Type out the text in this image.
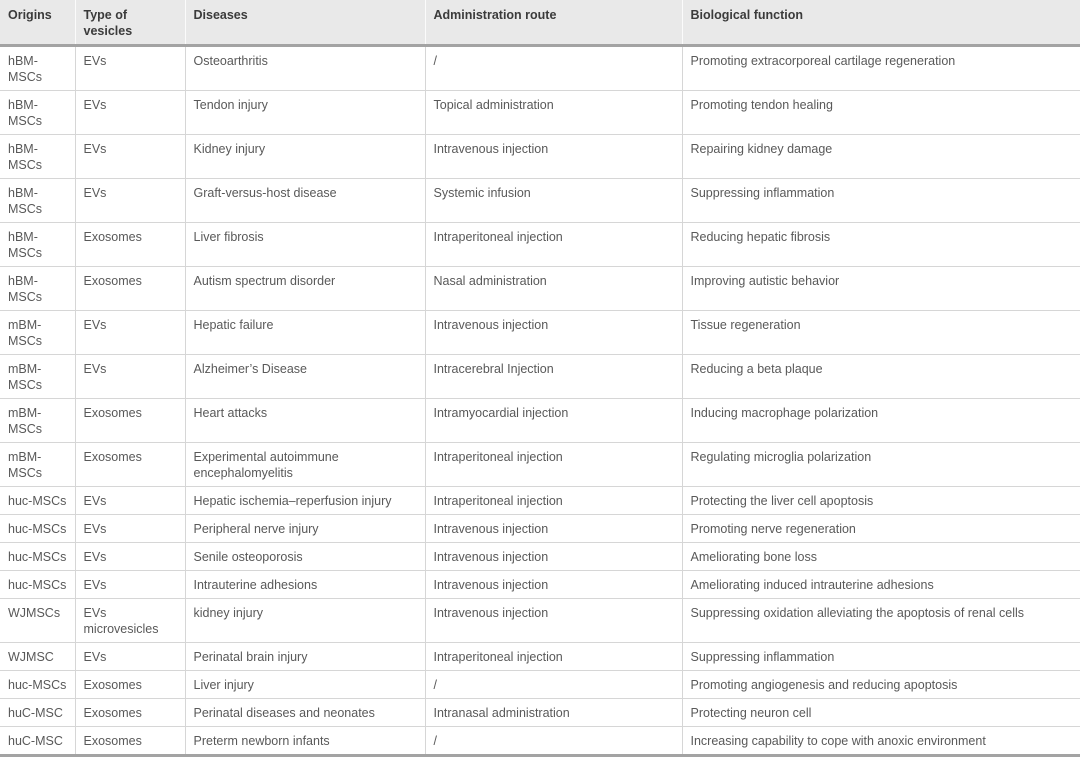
Origins	Type of vesicles	Diseases	Administration route	Biological function
hBM-MSCs	EVs	Osteoarthritis	/	Promoting extracorporeal cartilage regeneration
hBM-MSCs	EVs	Tendon injury	Topical administration	Promoting tendon healing
hBM-MSCs	EVs	Kidney injury	Intravenous injection	Repairing kidney damage
hBM-MSCs	EVs	Graft-versus-host disease	Systemic infusion	Suppressing inflammation
hBM-MSCs	Exosomes	Liver fibrosis	Intraperitoneal injection	Reducing hepatic fibrosis
hBM-MSCs	Exosomes	Autism spectrum disorder	Nasal administration	Improving autistic behavior
mBM-MSCs	EVs	Hepatic failure	Intravenous injection	Tissue regeneration
mBM-MSCs	EVs	Alzheimer’s Disease	Intracerebral Injection	Reducing a beta plaque
mBM-MSCs	Exosomes	Heart attacks	Intramyocardial injection	Inducing macrophage polarization
mBM-MSCs	Exosomes	Experimental autoimmune encephalomyelitis	Intraperitoneal injection	Regulating microglia polarization
huc-MSCs	EVs	Hepatic ischemia–reperfusion injury	Intraperitoneal injection	Protecting the liver cell apoptosis
huc-MSCs	EVs	Peripheral nerve injury	Intravenous injection	Promoting nerve regeneration
huc-MSCs	EVs	Senile osteoporosis	Intravenous injection	Ameliorating bone loss
huc-MSCs	EVs	Intrauterine adhesions	Intravenous injection	Ameliorating induced intrauterine adhesions
WJMSCs	EVs microvesicles	kidney injury	Intravenous injection	Suppressing oxidation alleviating the apoptosis of renal cells
WJMSC	EVs	Perinatal brain injury	Intraperitoneal injection	Suppressing inflammation
huc-MSCs	Exosomes	Liver injury	/	Promoting angiogenesis and reducing apoptosis
huC-MSC	Exosomes	Perinatal diseases and neonates	Intranasal administration	Protecting neuron cell
huC-MSC	Exosomes	Preterm newborn infants	/	Increasing capability to cope with anoxic environment
